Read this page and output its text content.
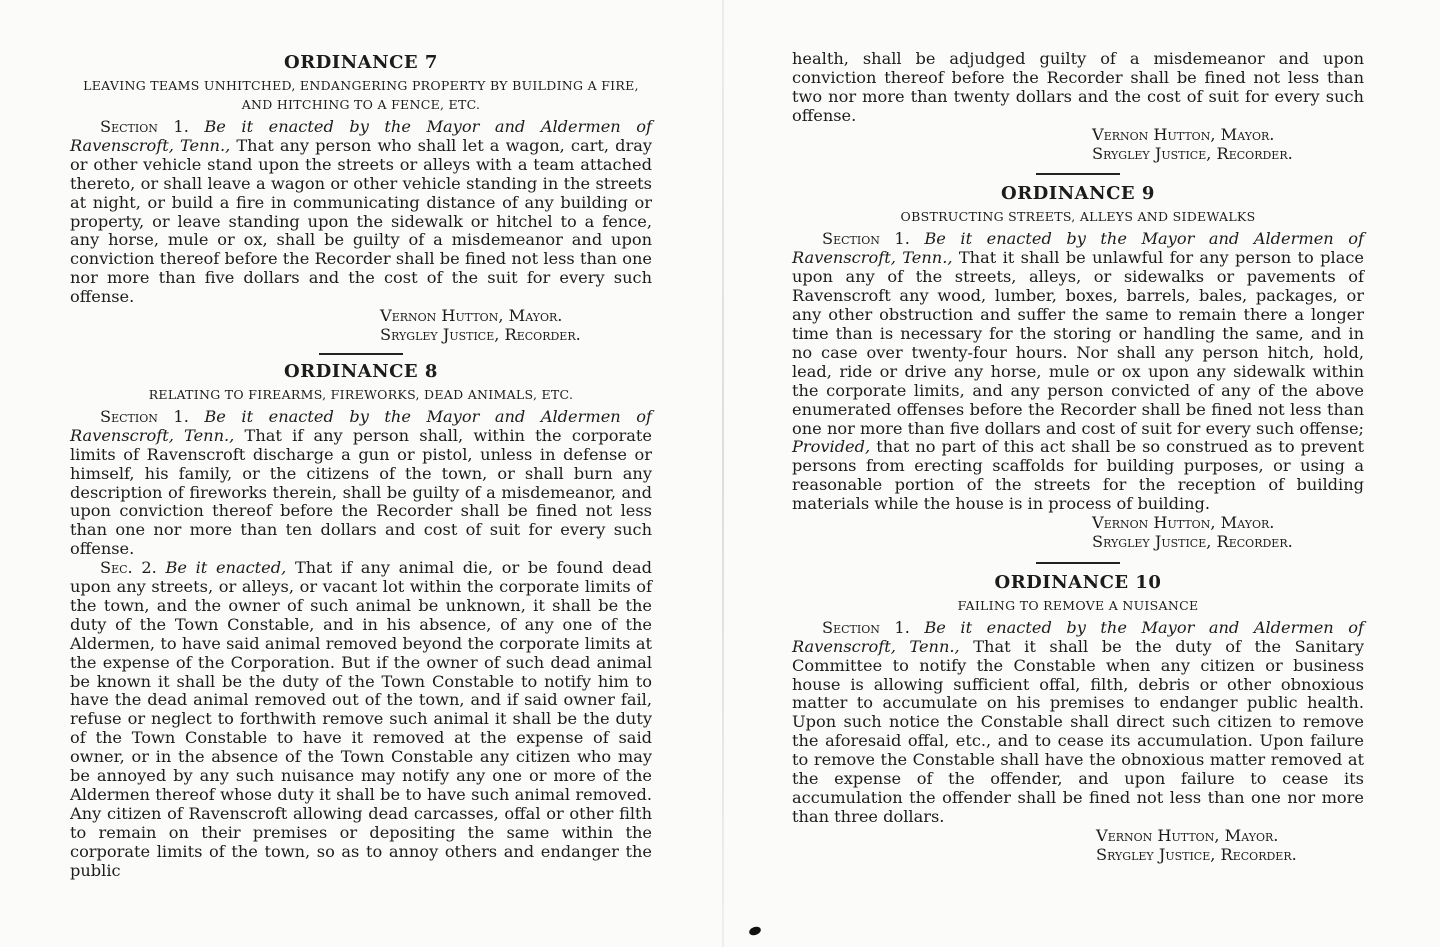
ORDINANCE 7
LEAVING TEAMS UNHITCHED, ENDANGERING PROPERTY BY BUILDING A FIRE, AND HITCHING TO A FENCE, ETC.

Section 1. Be it enacted by the Mayor and Aldermen of Ravenscroft, Tenn., That any person who shall let a wagon, cart, dray or other vehicle stand upon the streets or alleys with a team attached thereto, or shall leave a wagon or other vehicle standing in the streets at night, or build a fire in communicating distance of any building or property, or leave standing upon the sidewalk or hitchel to a fence, any horse, mule or ox, shall be guilty of a misdemeanor and upon conviction thereof before the Recorder shall be fined not less than one nor more than five dollars and the cost of the suit for every such offense.

Vernon Hutton, Mayor.
Srygley Justice, Recorder.
ORDINANCE 8
RELATING TO FIREARMS, FIREWORKS, DEAD ANIMALS, ETC.

Section 1. Be it enacted by the Mayor and Aldermen of Ravenscroft, Tenn., That if any person shall, within the corporate limits of Ravenscroft discharge a gun or pistol, unless in defense or himself, his family, or the citizens of the town, or shall burn any description of fireworks therein, shall be guilty of a misdemeanor, and upon conviction thereof before the Recorder shall be fined not less than one nor more than ten dollars and cost of suit for every such offense.

Sec. 2. Be it enacted, That if any animal die, or be found dead upon any streets, or alleys, or vacant lot within the corporate limits of the town, and the owner of such animal be unknown, it shall be the duty of the Town Constable, and in his absence, of any one of the Aldermen, to have said animal removed beyond the corporate limits at the expense of the Corporation. But if the owner of such dead animal be known it shall be the duty of the Town Constable to notify him to have the dead animal removed out of the town, and if said owner fail, refuse or neglect to forthwith remove such animal it shall be the duty of the Town Constable to have it removed at the expense of said owner, or in the absence of the Town Constable any citizen who may be annoyed by any such nuisance may notify any one or more of the Aldermen thereof whose duty it shall be to have such animal removed. Any citizen of Ravenscroft allowing dead carcasses, offal or other filth to remain on their premises or depositing the same within the corporate limits of the town, so as to annoy others and endanger the public

health, shall be adjudged guilty of a misdemeanor and upon conviction thereof before the Recorder shall be fined not less than two nor more than twenty dollars and the cost of suit for every such offense.

Vernon Hutton, Mayor.
Srygley Justice, Recorder.
ORDINANCE 9
OBSTRUCTING STREETS, ALLEYS AND SIDEWALKS

Section 1. Be it enacted by the Mayor and Aldermen of Ravenscroft, Tenn., That it shall be unlawful for any person to place upon any of the streets, alleys, or sidewalks or pavements of Ravenscroft any wood, lumber, boxes, barrels, bales, packages, or any other obstruction and suffer the same to remain there a longer time than is necessary for the storing or handling the same, and in no case over twenty-four hours. Nor shall any person hitch, hold, lead, ride or drive any horse, mule or ox upon any sidewalk within the corporate limits, and any person convicted of any of the above enumerated offenses before the Recorder shall be fined not less than one nor more than five dollars and cost of suit for every such offense; Provided, that no part of this act shall be so construed as to prevent persons from erecting scaffolds for building purposes, or using a reasonable portion of the streets for the reception of building materials while the house is in process of building.

Vernon Hutton, Mayor.
Srygley Justice, Recorder.
ORDINANCE 10
FAILING TO REMOVE A NUISANCE

Section 1. Be it enacted by the Mayor and Aldermen of Ravenscroft, Tenn., That it shall be the duty of the Sanitary Committee to notify the Constable when any citizen or business house is allowing sufficient offal, filth, debris or other obnoxious matter to accumulate on his premises to endanger public health. Upon such notice the Constable shall direct such citizen to remove the aforesaid offal, etc., and to cease its accumulation. Upon failure to remove the Constable shall have the obnoxious matter removed at the expense of the offender, and upon failure to cease its accumulation the offender shall be fined not less than one nor more than three dollars.

Vernon Hutton, Mayor.
Srygley Justice, Recorder.
